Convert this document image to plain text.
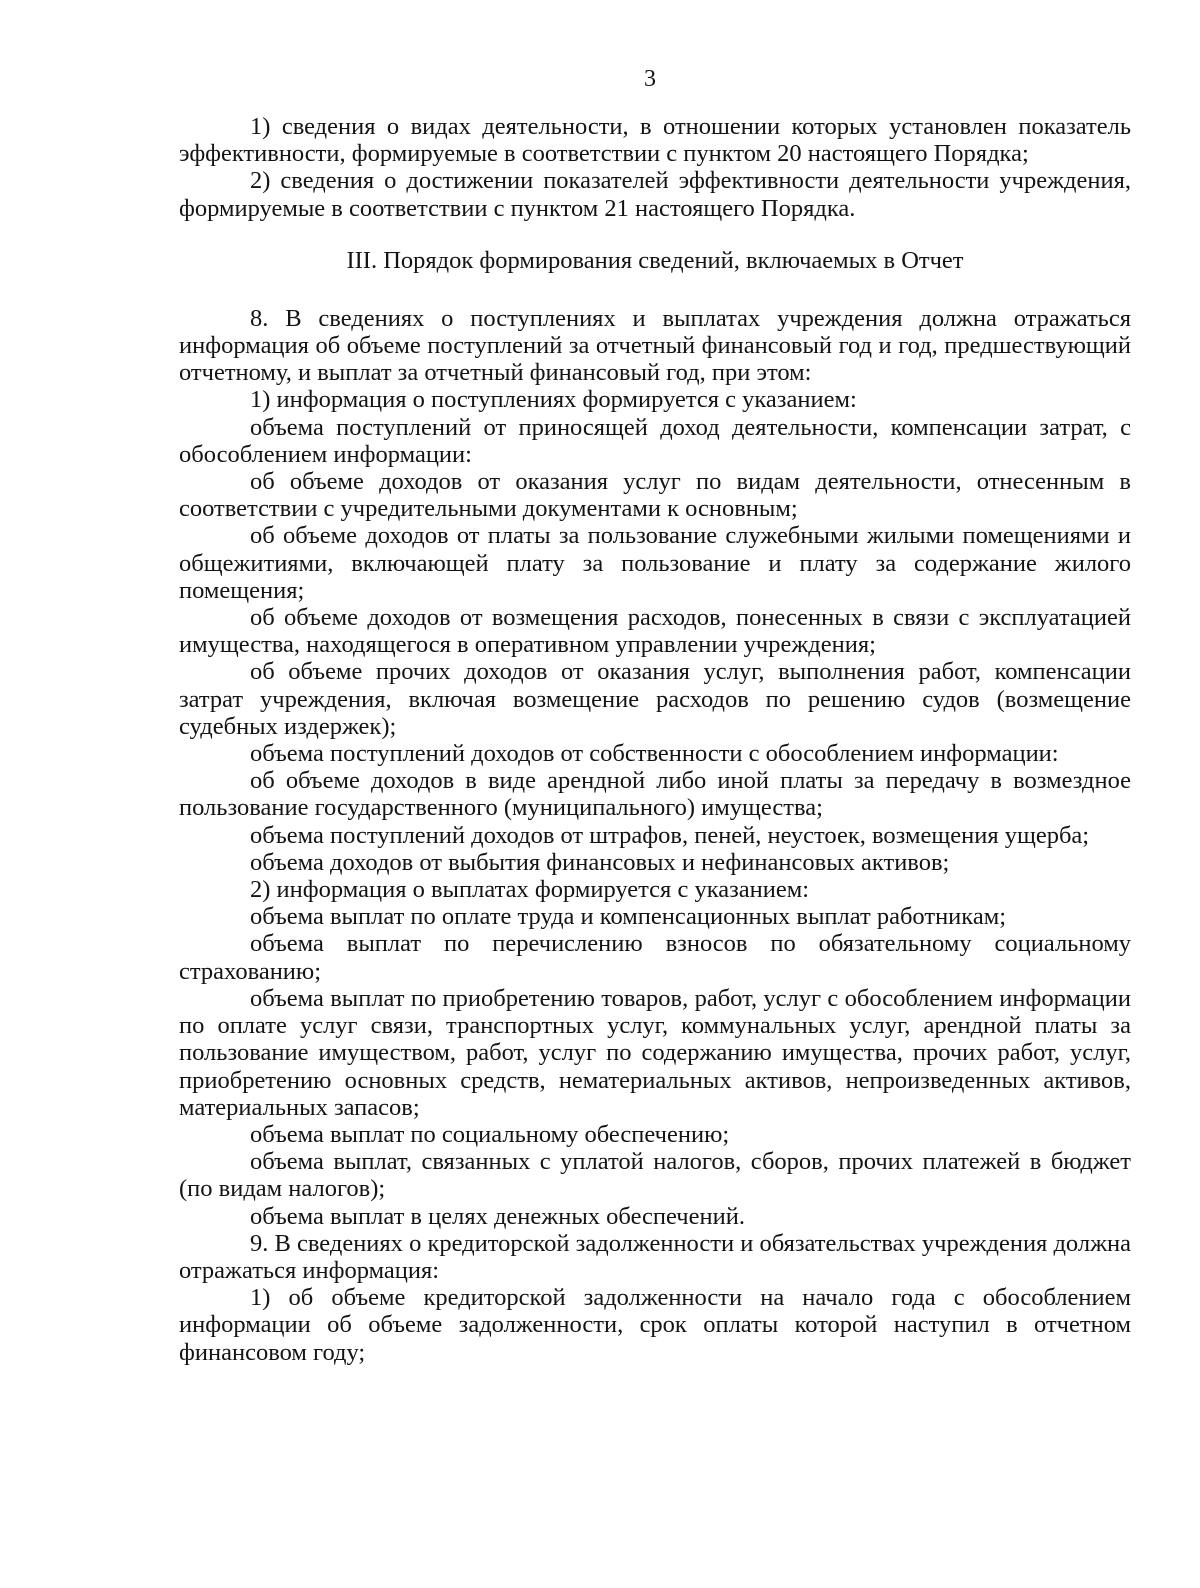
3

1) сведения о видах деятельности, в отношении которых установлен показатель эффективности, формируемые в соответствии с пунктом 20 настоящего Порядка;

2) сведения о достижении показателей эффективности деятельности учреждения, формируемые в соответствии с пунктом 21 настоящего Порядка.

III. Порядок формирования сведений, включаемых в Отчет

8. В сведениях о поступлениях и выплатах учреждения должна отражаться информация об объеме поступлений за отчетный финансовый год и год, предшествующий отчетному, и выплат за отчетный финансовый год, при этом:

1) информация о поступлениях формируется с указанием:

объема поступлений от приносящей доход деятельности, компенсации затрат, с обособлением информации:

об объеме доходов от оказания услуг по видам деятельности, отнесенным в соответствии с учредительными документами к основным;

об объеме доходов от платы за пользование служебными жилыми помещениями и общежитиями, включающей плату за пользование и плату за содержание жилого помещения;

об объеме доходов от возмещения расходов, понесенных в связи с эксплуатацией имущества, находящегося в оперативном управлении учреждения;

об объеме прочих доходов от оказания услуг, выполнения работ, компенсации затрат учреждения, включая возмещение расходов по решению судов (возмещение судебных издержек);

объема поступлений доходов от собственности с обособлением информации:

об объеме доходов в виде арендной либо иной платы за передачу в возмездное пользование государственного (муниципального) имущества;

объема поступлений доходов от штрафов, пеней, неустоек, возмещения ущерба;

объема доходов от выбытия финансовых и нефинансовых активов;

2) информация о выплатах формируется с указанием:

объема выплат по оплате труда и компенсационных выплат работникам;

объема выплат по перечислению взносов по обязательному социальному страхованию;

объема выплат по приобретению товаров, работ, услуг с обособлением информации по оплате услуг связи, транспортных услуг, коммунальных услуг, арендной платы за пользование имуществом, работ, услуг по содержанию имущества, прочих работ, услуг, приобретению основных средств, нематериальных активов, непроизведенных активов, материальных запасов;

объема выплат по социальному обеспечению;

объема выплат, связанных с уплатой налогов, сборов, прочих платежей в бюджет (по видам налогов);

объема выплат в целях денежных обеспечений.

9. В сведениях о кредиторской задолженности и обязательствах учреждения должна отражаться информация:

1) об объеме кредиторской задолженности на начало года с обособлением информации об объеме задолженности, срок оплаты которой наступил в отчетном финансовом году;
